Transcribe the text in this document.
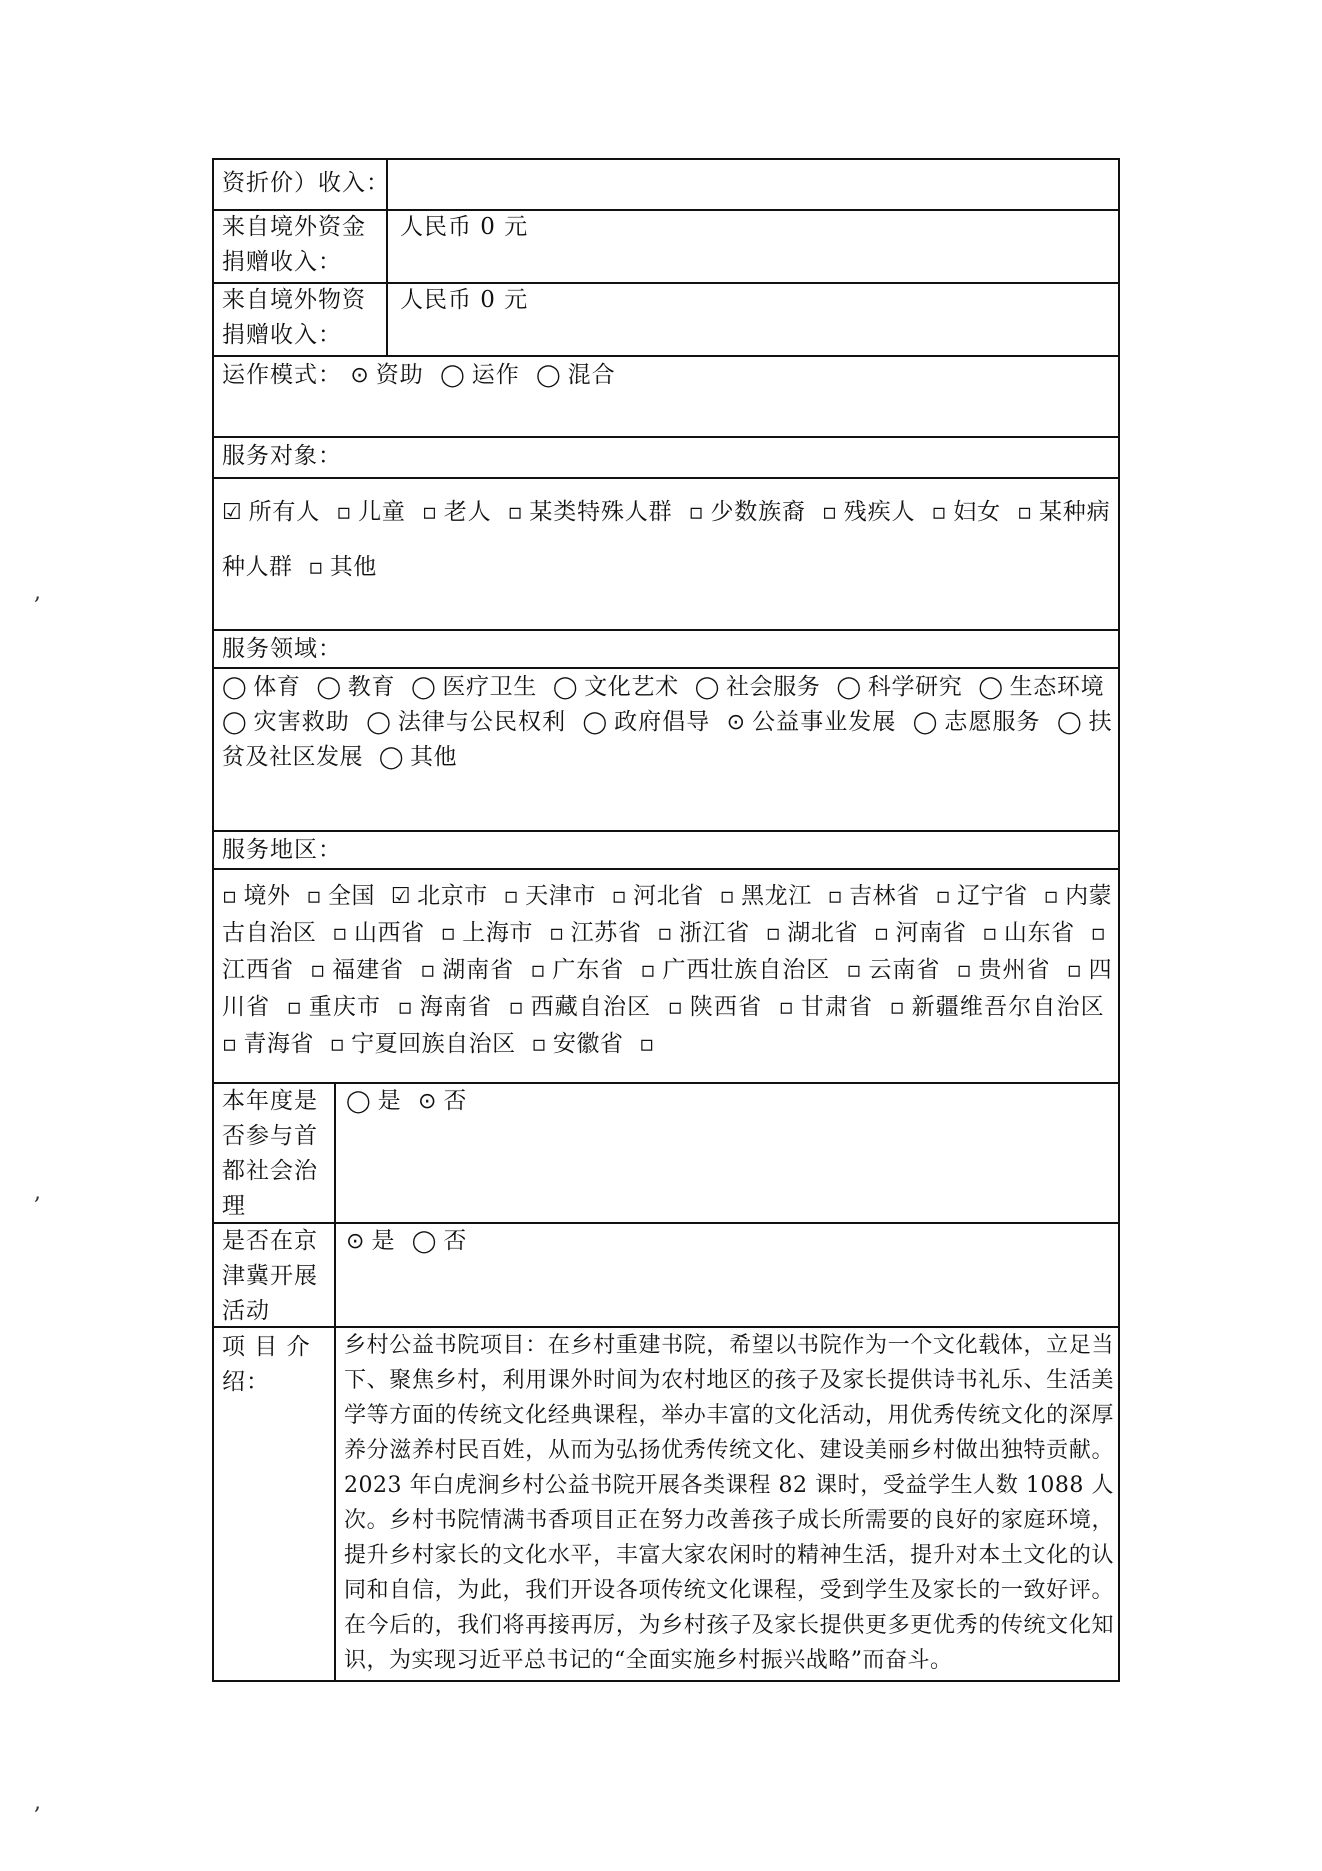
资折价）收入：
来自境外资金
捐赠收入：
人民币 0 元
来自境外物资
捐赠收入：
人民币 0 元
运作模式： ⊙ 资助 ◯ 运作 ◯ 混合
服务对象：
☑ 所有人 ▫ 儿童 ▫ 老人 ▫ 某类特殊人群 ▫ 少数族裔 ▫ 残疾人 ▫ 妇女 ▫ 某种病种人群 ▫ 其他
服务领域：
◯ 体育 ◯ 教育 ◯ 医疗卫生 ◯ 文化艺术 ◯ 社会服务 ◯ 科学研究 ◯ 生态环境 ◯ 灾害救助 ◯ 法律与公民权利 ◯ 政府倡导 ⊙ 公益事业发展 ◯ 志愿服务 ◯ 扶贫及社区发展 ◯ 其他
服务地区：
▫ 境外 ▫ 全国 ☑ 北京市 ▫ 天津市 ▫ 河北省 ▫ 黑龙江 ▫ 吉林省 ▫ 辽宁省 ▫ 内蒙古自治区 ▫ 山西省 ▫ 上海市 ▫ 江苏省 ▫ 浙江省 ▫ 湖北省 ▫ 河南省 ▫ 山东省 ▫江西省 ▫ 福建省 ▫ 湖南省 ▫ 广东省 ▫ 广西壮族自治区 ▫ 云南省 ▫ 贵州省 ▫ 四川省 ▫ 重庆市 ▫ 海南省 ▫ 西藏自治区 ▫ 陕西省 ▫ 甘肃省 ▫ 新疆维吾尔自治区 ▫ 青海省 ▫ 宁夏回族自治区 ▫ 安徽省 ▫
本年度是
否参与首
都社会治
理
◯ 是 ⊙ 否
是否在京
津冀开展
活动
⊙ 是 ◯ 否
项 目 介
绍：
乡村公益书院项目：在乡村重建书院，希望以书院作为一个文化载体，立足当下、聚焦乡村，利用课外时间为农村地区的孩子及家长提供诗书礼乐、生活美学等方面的传统文化经典课程，举办丰富的文化活动，用优秀传统文化的深厚养分滋养村民百姓，从而为弘扬优秀传统文化、建设美丽乡村做出独特贡献。2023 年白虎涧乡村公益书院开展各类课程 82 课时，受益学生人数 1088 人次。乡村书院情满书香项目正在努力改善孩子成长所需要的良好的家庭环境，提升乡村家长的文化水平，丰富大家农闲时的精神生活，提升对本土文化的认同和自信，为此，我们开设各项传统文化课程，受到学生及家长的一致好评。在今后的，我们将再接再厉，为乡村孩子及家长提供更多更优秀的传统文化知识，为实现习近平总书记的“全面实施乡村振兴战略”而奋斗。
,
,
,
